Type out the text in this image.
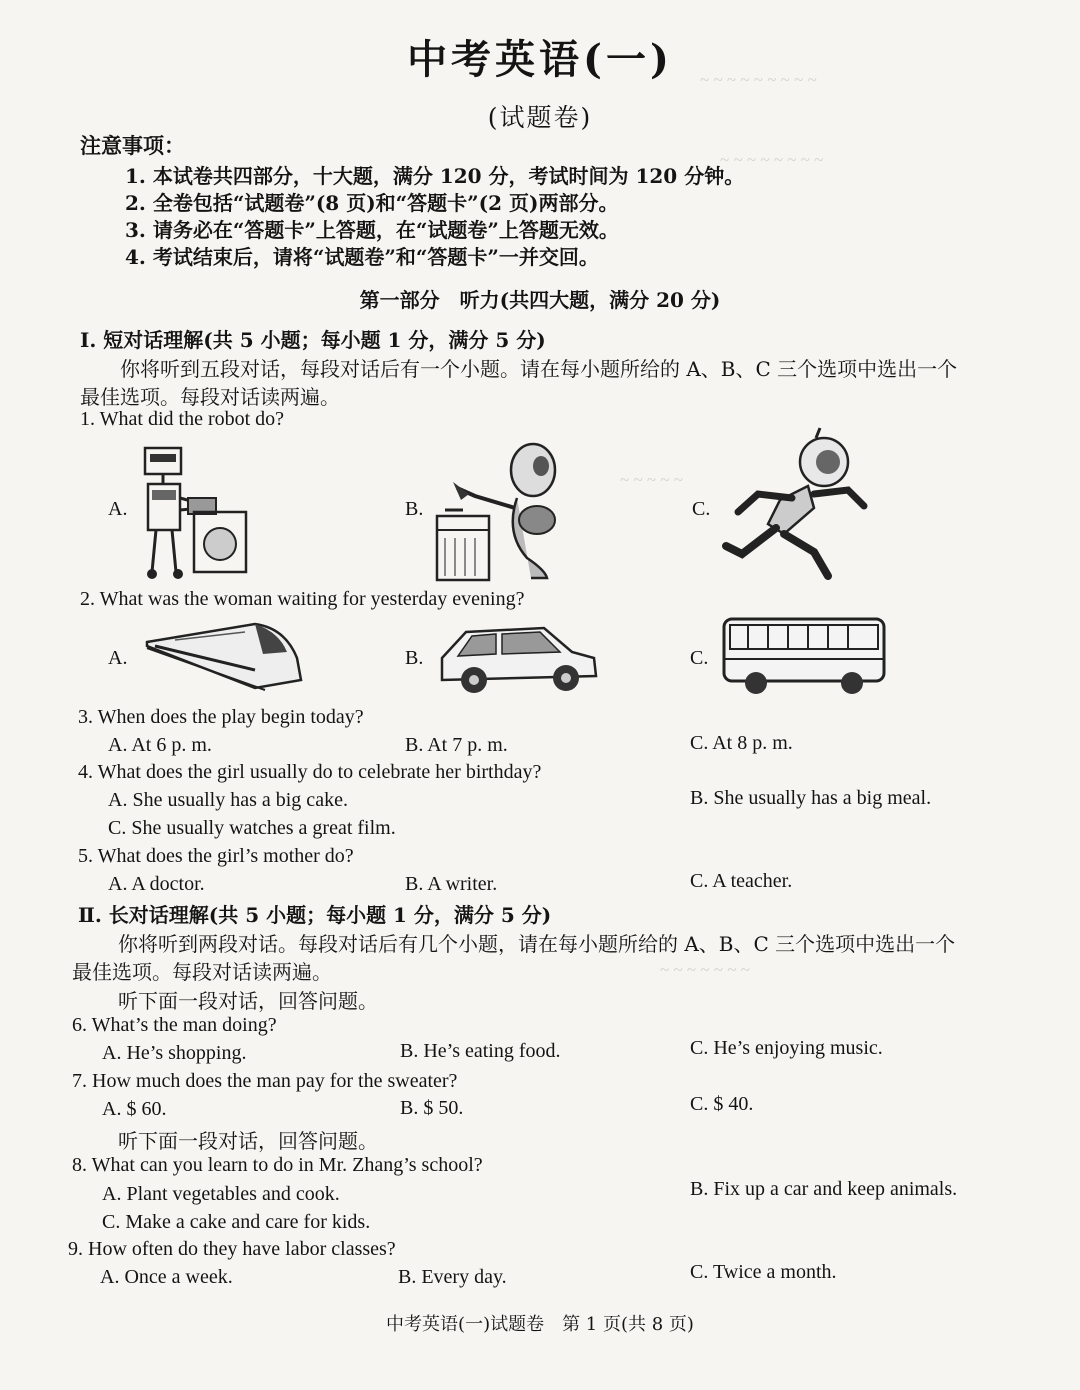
~ ~ ~ ~ ~ ~ ~ ~ ~
~ ~ ~ ~ ~ ~ ~ ~
~ ~ ~ ~ ~
~ ~ ~ ~ ~ ~ ~
中考英语(一)
(试题卷)
注意事项：
1. 本试卷共四部分，十大题，满分 120 分，考试时间为 120 分钟。
2. 全卷包括“试题卷”(8 页)和“答题卡”(2 页)两部分。
3. 请务必在“答题卡”上答题，在“试题卷”上答题无效。
4. 考试结束后，请将“试题卷”和“答题卡”一并交回。
第一部分　听力(共四大题，满分 20 分)
Ⅰ. 短对话理解(共 5 小题；每小题 1 分，满分 5 分)
你将听到五段对话，每段对话后有一个小题。请在每小题所给的 A、B、C 三个选项中选出一个
最佳选项。每段对话读两遍。
1. What did the robot do?
A.	B.	C.
2. What was the woman waiting for yesterday evening?
A.	B.	C.
3. When does the play begin today?
A. At 6 p. m.	B. At 7 p. m.	C. At 8 p. m.
4. What does the girl usually do to celebrate her birthday?
A. She usually has a big cake.	B. She usually has a big meal.
C. She usually watches a great film.
5. What does the girl’s mother do?
A. A doctor.	B. A writer.	C. A teacher.
Ⅱ. 长对话理解(共 5 小题；每小题 1 分，满分 5 分)
你将听到两段对话。每段对话后有几个小题，请在每小题所给的 A、B、C 三个选项中选出一个
最佳选项。每段对话读两遍。
听下面一段对话，回答问题。
6. What’s the man doing?
A. He’s shopping.	B. He’s eating food.	C. He’s enjoying music.
7. How much does the man pay for the sweater?
A. $ 60.	B. $ 50.	C. $ 40.
听下面一段对话，回答问题。
8. What can you learn to do in Mr. Zhang’s school?
A. Plant vegetables and cook.	B. Fix up a car and keep animals.
C. Make a cake and care for kids.
9. How often do they have labor classes?
A. Once a week.	B. Every day.	C. Twice a month.
中考英语(一)试题卷　第 1 页(共 8 页)
